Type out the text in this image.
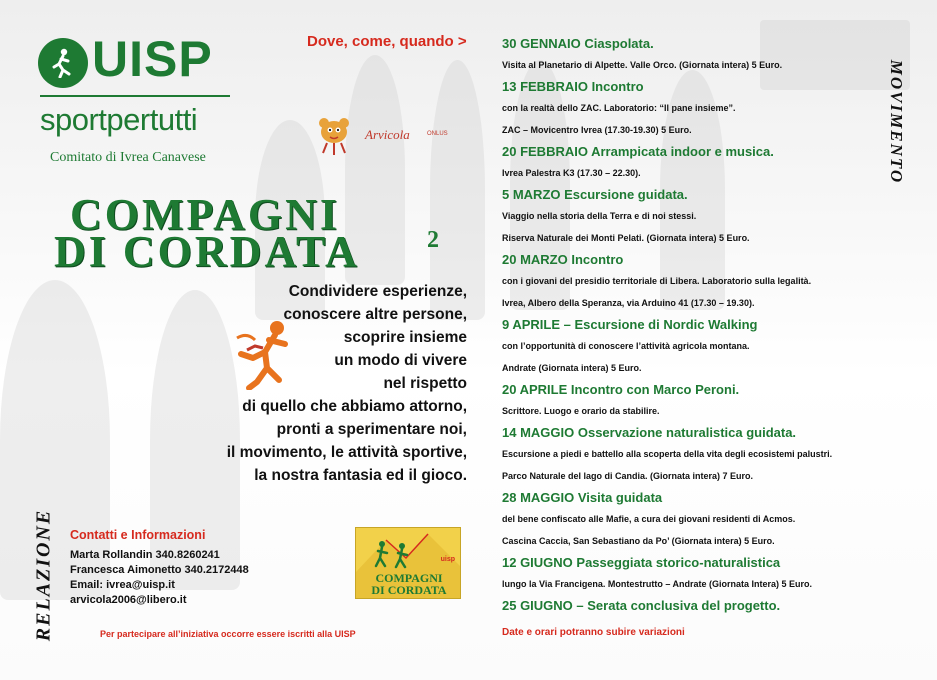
UISP
sportpertutti
Comitato di Ivrea Canavese
Arvicola	ONLUS
COMPAGNI
DI CORDATA	2
Condividere esperienze,
conoscere altre persone,
scoprire insieme
un modo di vivere
nel rispetto
di quello che abbiamo attorno,
pronti a sperimentare noi,
il movimento, le attività sportive,
la nostra fantasia ed il gioco.
RELAZIONE
MOVIMENTO
Contatti e Informazioni
Marta Rollandin 340.8260241
Francesca Aimonetto 340.2172448
Email: ivrea@uisp.it
arvicola2006@libero.it
Per partecipare all’iniziativa occorre essere iscritti alla UISP
uisp
COMPAGNI
DI CORDATA
Dove, come, quando >	30 GENNAIO Ciaspolata.
Visita al Planetario di Alpette. Valle Orco. (Giornata intera) 5 Euro.
13 FEBBRAIO Incontro
con la realtà dello ZAC. Laboratorio: “Il pane insieme”.
ZAC – Movicentro Ivrea (17.30-19.30) 5 Euro.
20 FEBBRAIO Arrampicata indoor e musica.
Ivrea Palestra K3 (17.30 – 22.30).
5 MARZO Escursione guidata.
Viaggio nella storia della Terra e di noi stessi.
Riserva Naturale dei Monti Pelati. (Giornata intera) 5 Euro.
20 MARZO Incontro
con i giovani del presidio territoriale di Libera. Laboratorio sulla legalità.
Ivrea, Albero della Speranza, via Arduino 41 (17.30 – 19.30).
9 APRILE – Escursione di Nordic Walking
con l’opportunità di conoscere l’attività agricola montana.
Andrate (Giornata intera) 5 Euro.
20 APRILE Incontro con Marco Peroni.
Scrittore. Luogo e orario da stabilire.
14 MAGGIO Osservazione naturalistica guidata.
Escursione a piedi e battello alla scoperta della vita degli ecosistemi palustri.
Parco Naturale del lago di Candia. (Giornata intera) 7 Euro.
28 MAGGIO Visita guidata
del bene confiscato alle Mafie, a cura dei giovani residenti di Acmos.
Cascina Caccia, San Sebastiano da Po’ (Giornata intera) 5 Euro.
12 GIUGNO Passeggiata storico-naturalistica
lungo la Via Francigena. Montestrutto – Andrate (Giornata Intera) 5 Euro.
25 GIUGNO – Serata conclusiva del progetto.
Date e orari potranno subire variazioni
